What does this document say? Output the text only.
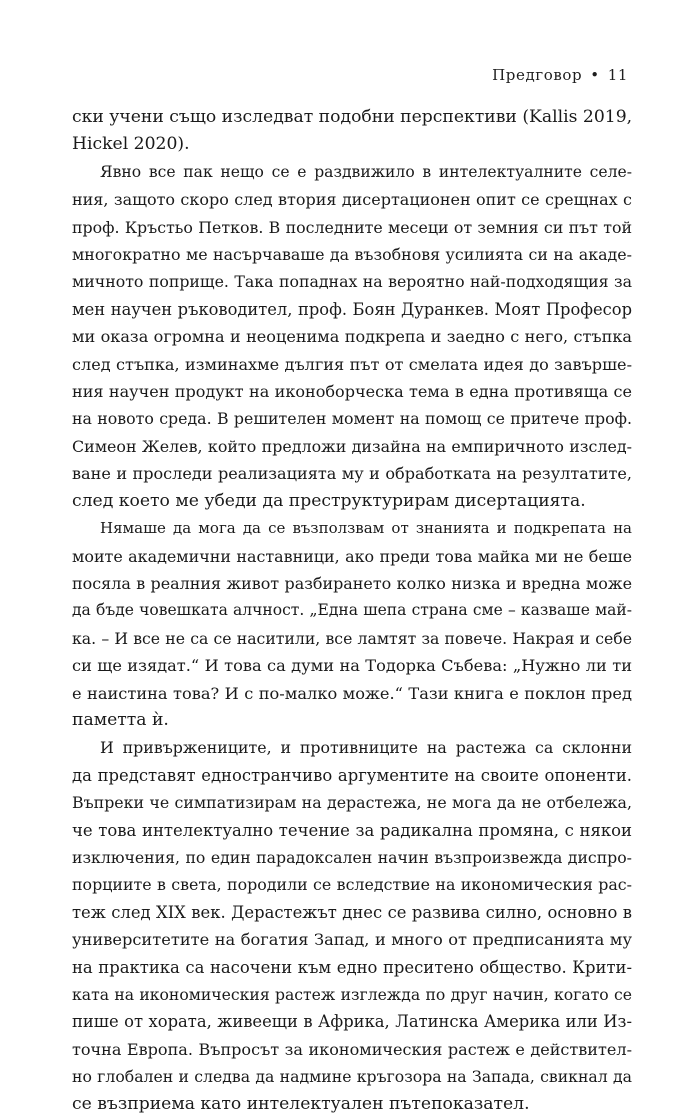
Предговор • 11

ски учени също изследват подобни перспективи (Kallis 2019,
Hickel 2020).

Явно все пак нещо се е раздвижило в интелектуалните селе-
ния, защото скоро след втория дисертационен опит се срещнах с
проф. Кръстьо Петков. В последните месеци от земния си път той
многократно ме насърчаваше да възобновя усилията си на акаде-
мичното поприще. Така попаднах на вероятно най-подходящия за
мен научен ръководител, проф. Боян Дуранкев. Моят Професор
ми оказа огромна и неоценима подкрепа и заедно с него, стъпка
след стъпка, изминахме дългия път от смелата идея до завършe-
ния научен продукт на иконоборческа тема в една противяща се
на новото среда. В решителен момент на помощ се притече проф.
Симеон Желев, който предложи дизайна на емпиричното изслед-
ване и проследи реализацията му и обработката на резултатите,
след което ме убеди да преструктурирам дисертацията.

Нямаше да мога да се възползвам от знанията и подкрепата на
моите академични наставници, ако преди това майка ми не беше
посяла в реалния живот разбирането колко низка и вредна може
да бъде човешката алчност. „Една шепа страна сме – казваше май-
ка. – И все не са се наситили, все ламтят за повече. Накрая и себе
си ще изядат.“ И това са думи на Тодорка Събева: „Нужно ли ти
е наистина това? И с по-малко може.“ Тази книга е поклон пред
паметта ѝ.

И привържениците, и противниците на растежа са склонни
да представят едностранчиво аргументите на своите опоненти.
Въпреки че симпатизирам на дерастежа, не мога да не отбележа,
че това интелектуално течение за радикална промяна, с някои
изключения, по един парадоксален начин възпроизвежда диспро-
порциите в света, породили се вследствие на икономическия рас-
теж след XIX век. Дерастежът днес се развива силно, основно в
университетите на богатия Запад, и много от предписанията му
на практика са насочени към едно преситено общество. Крити-
ката на икономическия растеж изглежда по друг начин, когато се
пише от хората, живеещи в Африка, Латинска Америка или Из-
точна Европа. Въпросът за икономическия растеж е действител-
но глобален и следва да надмине кръгозора на Запада, свикнал да
се възприема като интелектуален пътепоказател.
